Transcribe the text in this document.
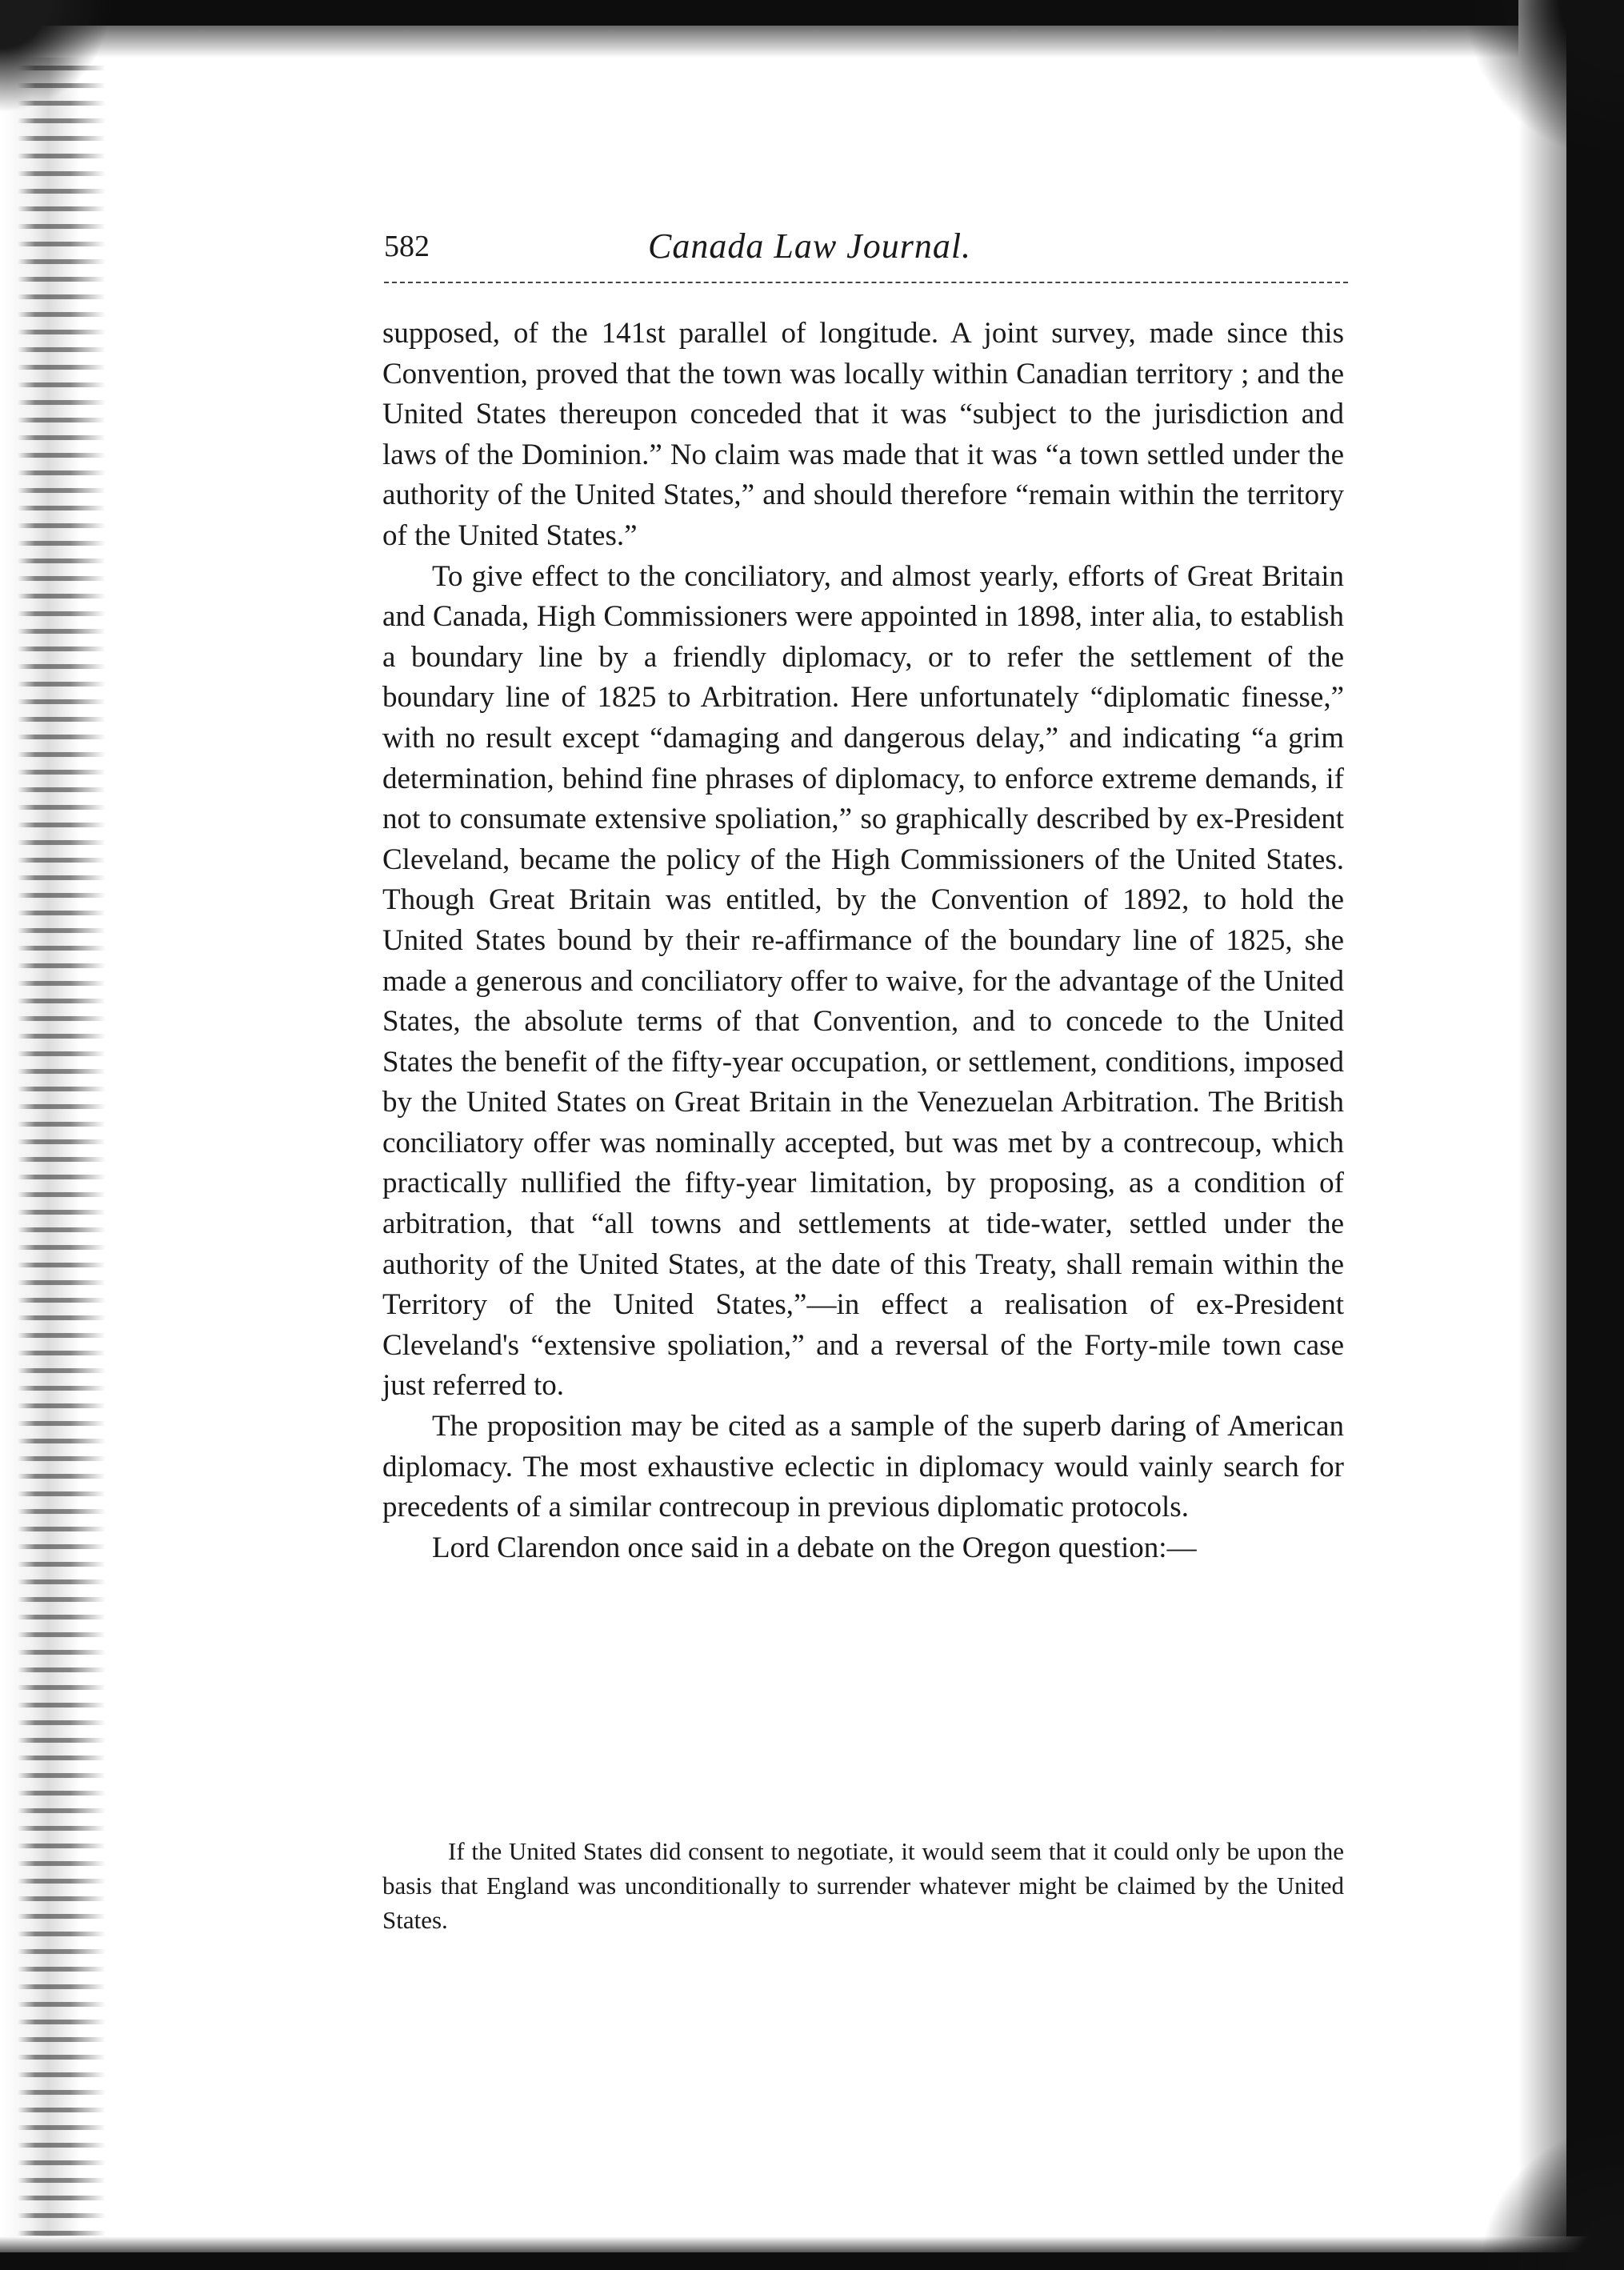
582	Canada Law Journal.

supposed, of the 141st parallel of longitude. A joint survey, made since this Convention, proved that the town was locally within Canadian territory ; and the United States thereupon conceded that it was “subject to the jurisdiction and laws of the Dominion.” No claim was made that it was “a town settled under the authority of the United States,” and should therefore “remain within the territory of the United States.”

To give effect to the conciliatory, and almost yearly, efforts of Great Britain and Canada, High Commissioners were appointed in 1898, inter alia, to establish a boundary line by a friendly diplomacy, or to refer the settlement of the boundary line of 1825 to Arbitration. Here unfortunately “diplomatic finesse,” with no result except “damaging and dangerous delay,” and indicating “a grim determination, behind fine phrases of diplomacy, to enforce extreme demands, if not to consumate extensive spoliation,” so graphically described by ex-President Cleveland, became the policy of the High Commissioners of the United States. Though Great Britain was entitled, by the Convention of 1892, to hold the United States bound by their re-affirmance of the boundary line of 1825, she made a generous and conciliatory offer to waive, for the advantage of the United States, the absolute terms of that Convention, and to concede to the United States the benefit of the fifty-year occupation, or settlement, conditions, imposed by the United States on Great Britain in the Venezuelan Arbitration. The British conciliatory offer was nominally accepted, but was met by a contrecoup, which practically nullified the fifty-year limitation, by proposing, as a condition of arbitration, that “all towns and settlements at tide-water, settled under the authority of the United States, at the date of this Treaty, shall remain within the Territory of the United States,”—in effect a realisation of ex-President Cleveland's “extensive spoliation,” and a reversal of the Forty-mile town case just referred to.

The proposition may be cited as a sample of the superb daring of American diplomacy. The most exhaustive eclectic in diplomacy would vainly search for precedents of a similar contrecoup in previous diplomatic protocols.

Lord Clarendon once said in a debate on the Oregon question:—

If the United States did consent to negotiate, it would seem that it could only be upon the basis that England was unconditionally to surrender whatever might be claimed by the United States.
